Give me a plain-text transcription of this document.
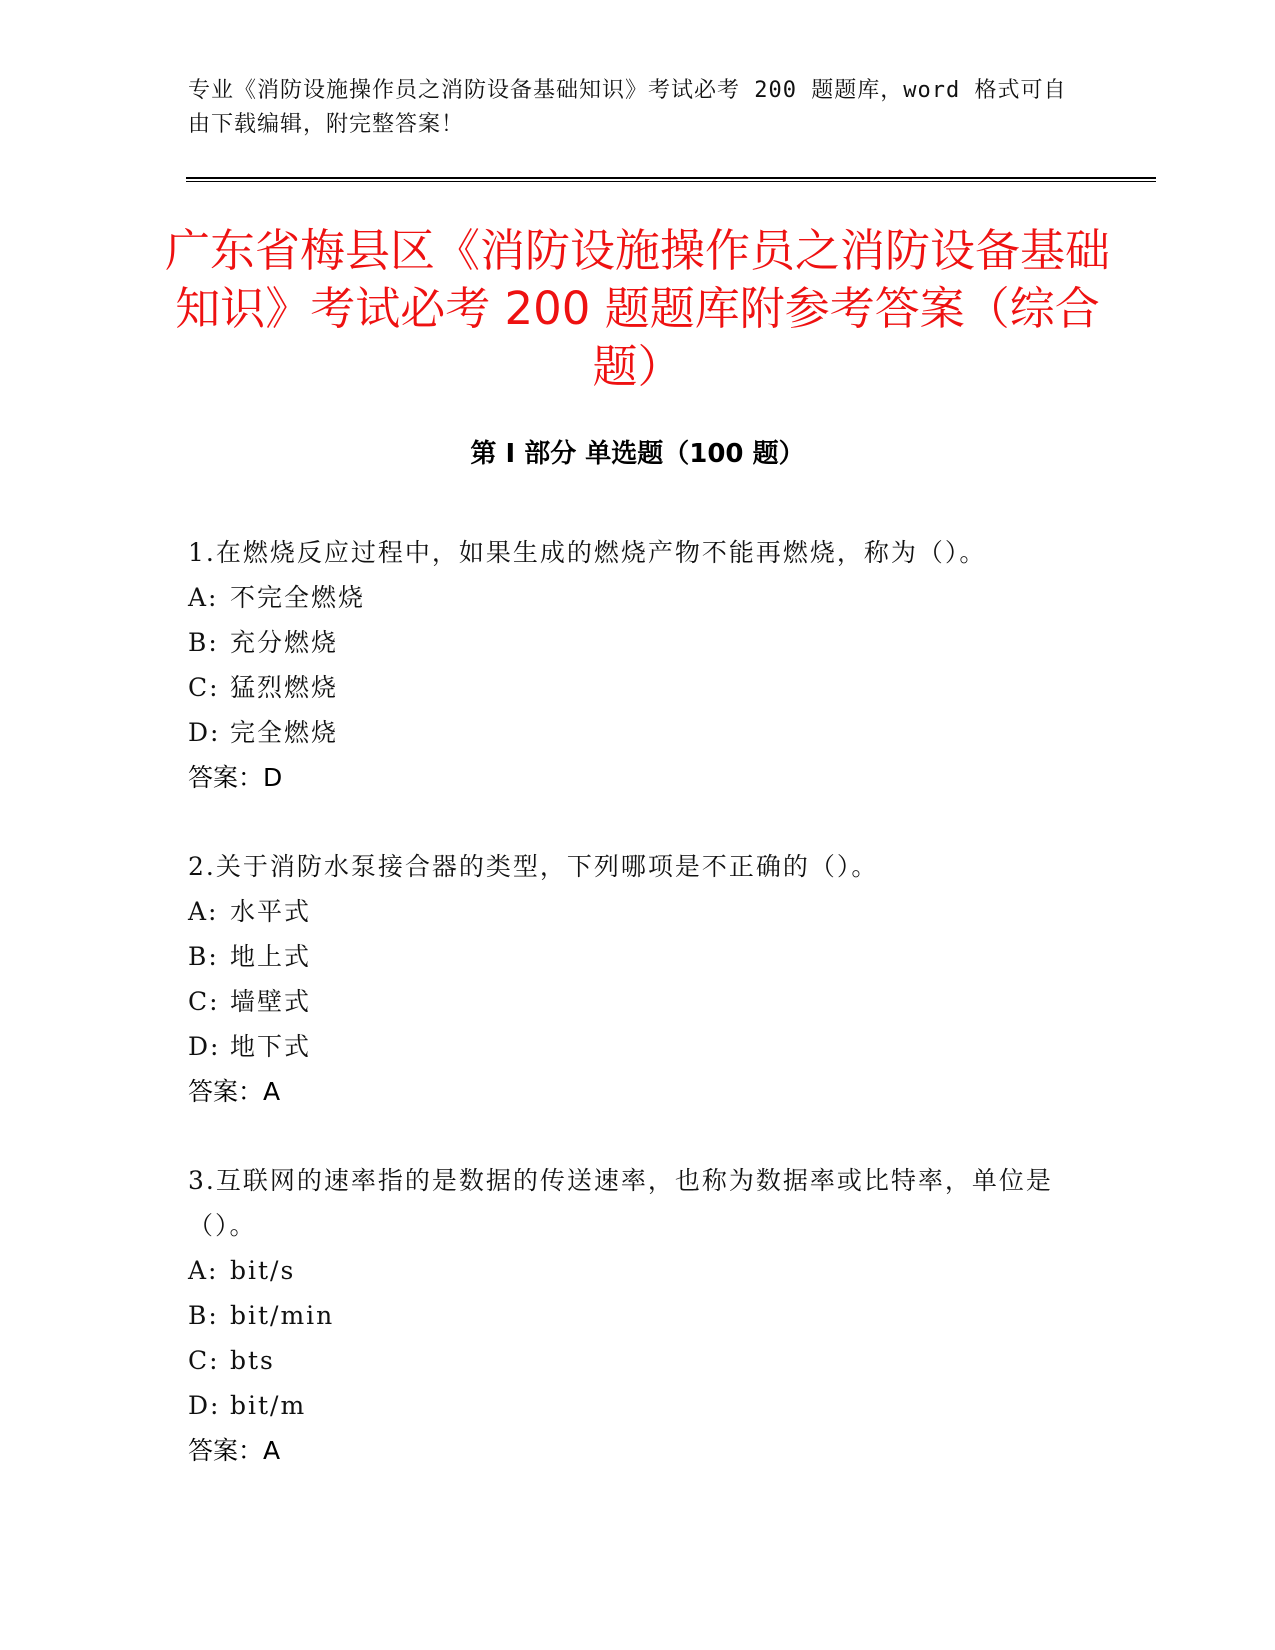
专业《消防设施操作员之消防设备基础知识》考试必考 200 题题库，word 格式可自由下载编辑，附完整答案！
广东省梅县区《消防设施操作员之消防设备基础知识》考试必考 200 题题库附参考答案（综合题）
第 I 部分 单选题（100 题）

1.在燃烧反应过程中，如果生成的燃烧产物不能再燃烧，称为（）。

A: 不完全燃烧

B: 充分燃烧

C: 猛烈燃烧

D: 完全燃烧

答案：D

2.关于消防水泵接合器的类型，下列哪项是不正确的（）。

A: 水平式

B: 地上式

C: 墙壁式

D: 地下式

答案：A

3.互联网的速率指的是数据的传送速率，也称为数据率或比特率，单位是（）。

A: bit/s

B: bit/min

C: bts

D: bit/m

答案：A
